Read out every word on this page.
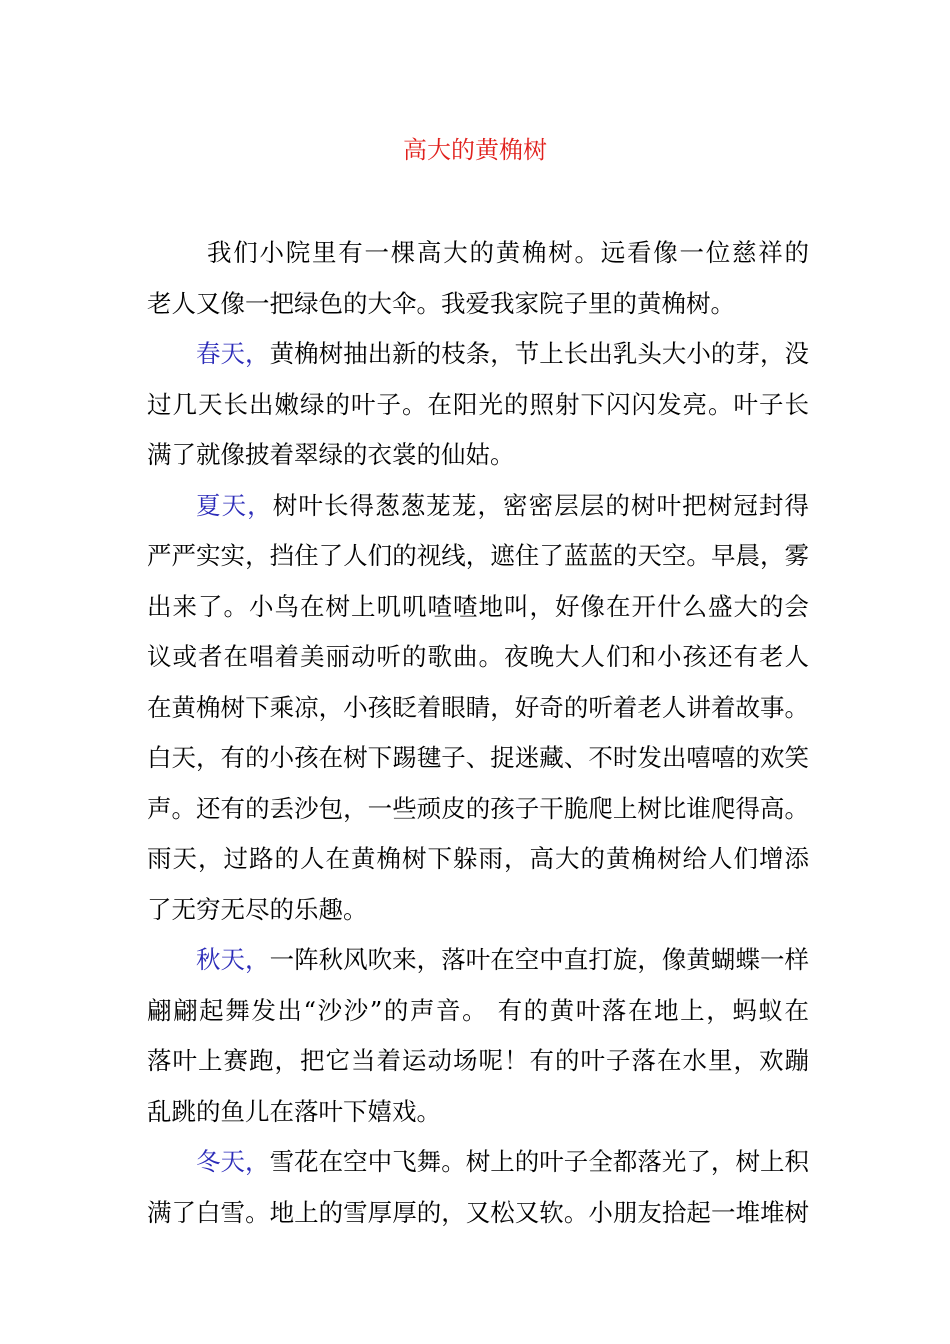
高大的黄桷树
我们小院里有一棵高大的黄桷树。远看像一位慈祥的
老人又像一把绿色的大伞。我爱我家院子里的黄桷树。
春天，黄桷树抽出新的枝条，节上长出乳头大小的芽，没
过几天长出嫩绿的叶子。在阳光的照射下闪闪发亮。叶子长
满了就像披着翠绿的衣裳的仙姑。
夏天，树叶长得葱葱茏茏，密密层层的树叶把树冠封得
严严实实，挡住了人们的视线，遮住了蓝蓝的天空。早晨，雾
出来了。小鸟在树上叽叽喳喳地叫，好像在开什么盛大的会
议或者在唱着美丽动听的歌曲。夜晚大人们和小孩还有老人
在黄桷树下乘凉，小孩眨着眼睛，好奇的听着老人讲着故事。
白天，有的小孩在树下踢毽子、捉迷藏、不时发出嘻嘻的欢笑
声。还有的丢沙包，一些顽皮的孩子干脆爬上树比谁爬得高。
雨天，过路的人在黄桷树下躲雨，高大的黄桷树给人们增添
了无穷无尽的乐趣。
秋天，一阵秋风吹来，落叶在空中直打旋，像黄蝴蝶一样
翩翩起舞发出“沙沙”的声音。 有的黄叶落在地上，蚂蚁在
落叶上赛跑，把它当着运动场呢！有的叶子落在水里，欢蹦
乱跳的鱼儿在落叶下嬉戏。
冬天，雪花在空中飞舞。树上的叶子全都落光了，树上积
满了白雪。地上的雪厚厚的，又松又软。小朋友拾起一堆堆树
